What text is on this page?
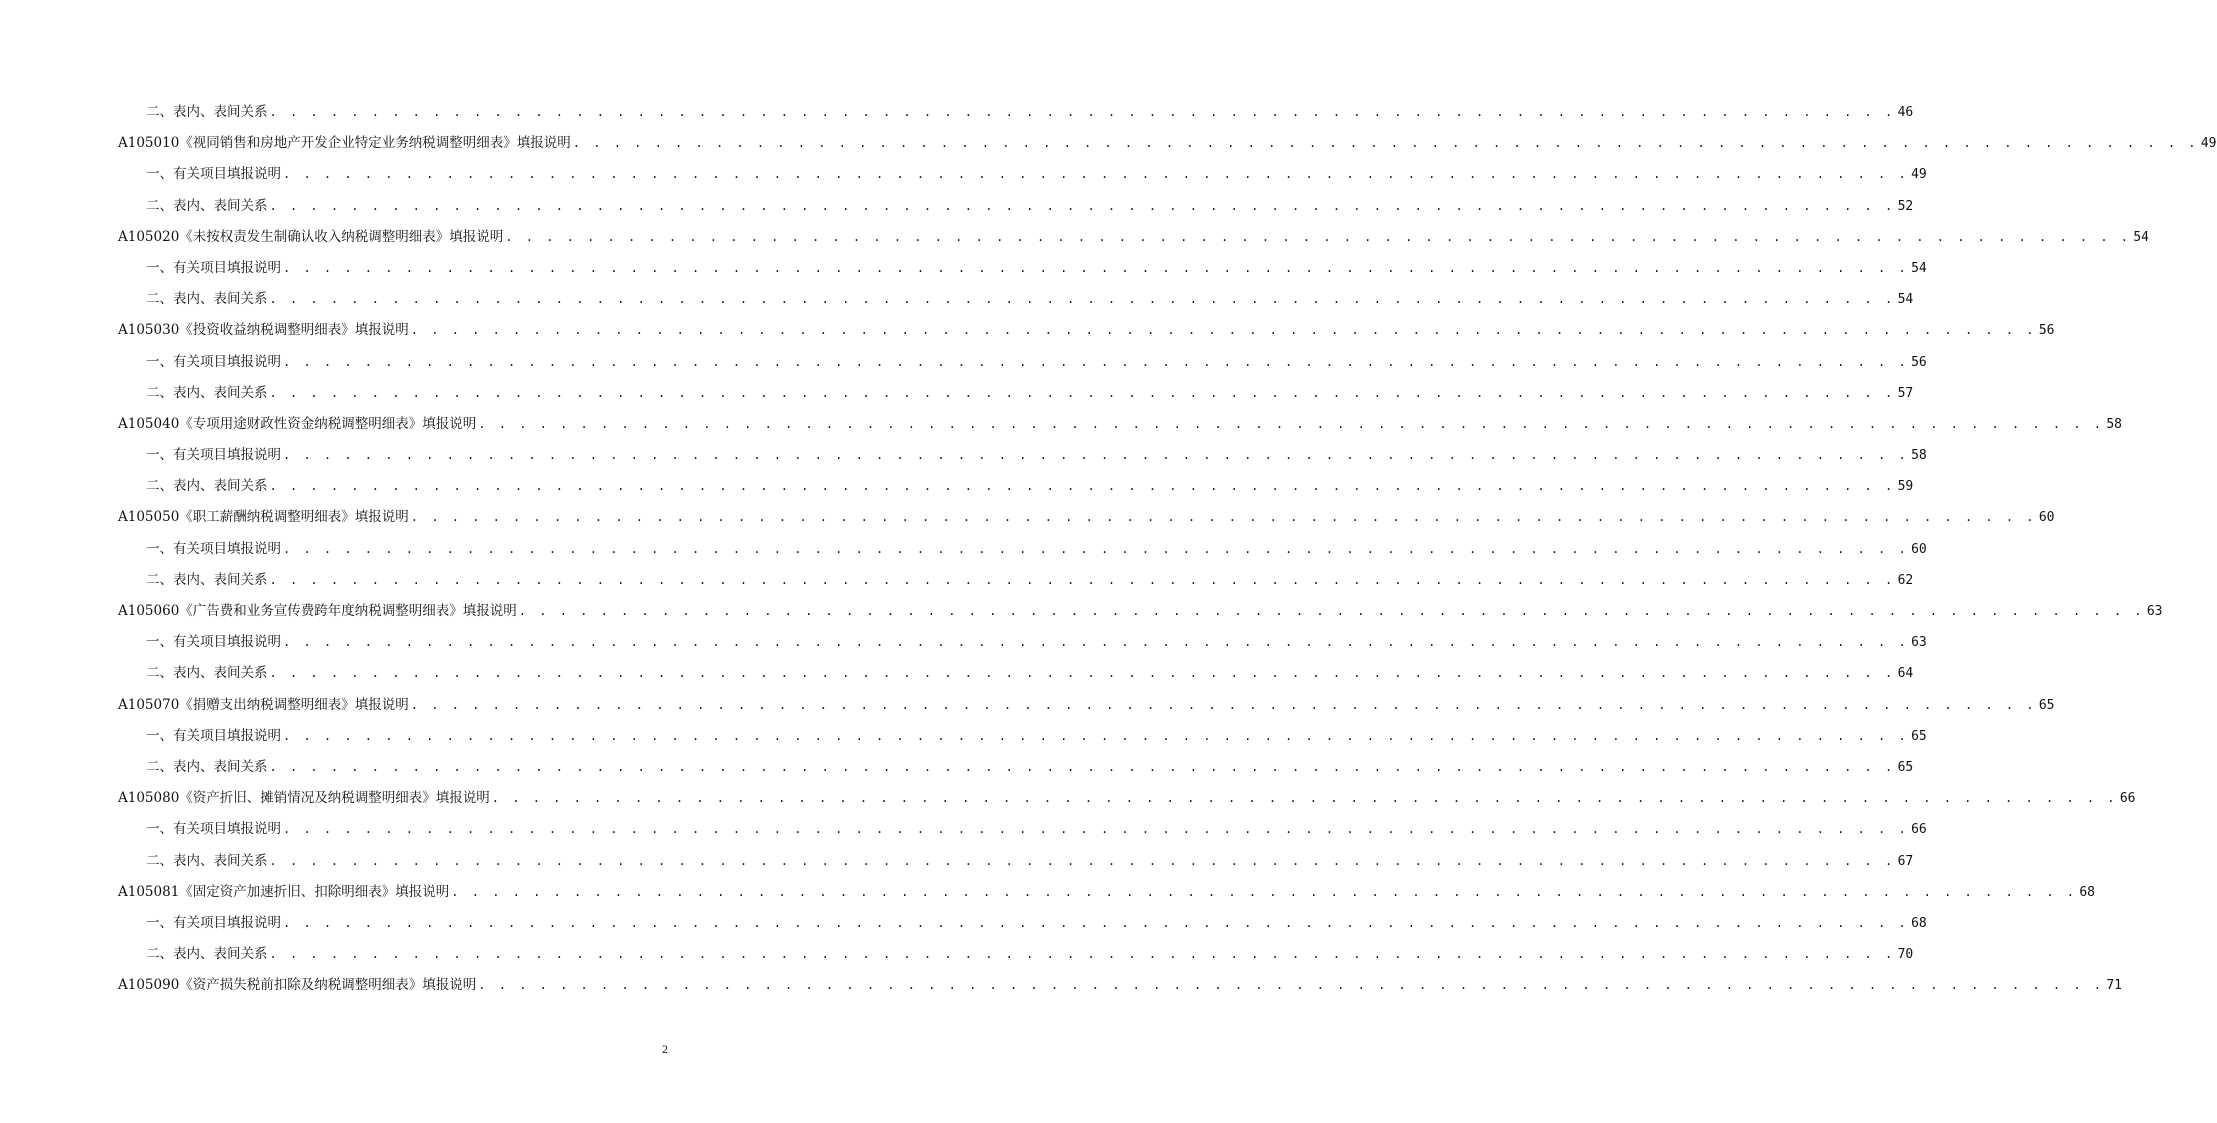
二、表内、表间关系 . . . . . . . . . . . . . . . . . . . . . . . . . . . . . . . . . . . . . . . . . . . . . . . . . . . . . . . . . . . . . . . . . . . . . . . . . . . . . . . . 46
A105010《视同销售和房地产开发企业特定业务纳税调整明细表》填报说明 . . . . . . . . . . . . . . . . . . . . . . . . . . . . . . . . . . . . . . . . . . . . . . . . . . . . . . . . . . . . . . . . . . . . . . . . . . . . . . . . 49
一、有关项目填报说明 . . . . . . . . . . . . . . . . . . . . . . . . . . . . . . . . . . . . . . . . . . . . . . . . . . . . . . . . . . . . . . . . . . . . . . . . . . . . . . . . 49
二、表内、表间关系 . . . . . . . . . . . . . . . . . . . . . . . . . . . . . . . . . . . . . . . . . . . . . . . . . . . . . . . . . . . . . . . . . . . . . . . . . . . . . . . . 52
A105020《未按权责发生制确认收入纳税调整明细表》填报说明 . . . . . . . . . . . . . . . . . . . . . . . . . . . . . . . . . . . . . . . . . . . . . . . . . . . . . . . . . . . . . . . . . . . . . . . . . . . . . . . . 54
一、有关项目填报说明 . . . . . . . . . . . . . . . . . . . . . . . . . . . . . . . . . . . . . . . . . . . . . . . . . . . . . . . . . . . . . . . . . . . . . . . . . . . . . . . . 54
二、表内、表间关系 . . . . . . . . . . . . . . . . . . . . . . . . . . . . . . . . . . . . . . . . . . . . . . . . . . . . . . . . . . . . . . . . . . . . . . . . . . . . . . . . 54
A105030《投资收益纳税调整明细表》填报说明 . . . . . . . . . . . . . . . . . . . . . . . . . . . . . . . . . . . . . . . . . . . . . . . . . . . . . . . . . . . . . . . . . . . . . . . . . . . . . . . . 56
一、有关项目填报说明 . . . . . . . . . . . . . . . . . . . . . . . . . . . . . . . . . . . . . . . . . . . . . . . . . . . . . . . . . . . . . . . . . . . . . . . . . . . . . . . . 56
二、表内、表间关系 . . . . . . . . . . . . . . . . . . . . . . . . . . . . . . . . . . . . . . . . . . . . . . . . . . . . . . . . . . . . . . . . . . . . . . . . . . . . . . . . 57
A105040《专项用途财政性资金纳税调整明细表》填报说明 . . . . . . . . . . . . . . . . . . . . . . . . . . . . . . . . . . . . . . . . . . . . . . . . . . . . . . . . . . . . . . . . . . . . . . . . . . . . . . . . 58
一、有关项目填报说明 . . . . . . . . . . . . . . . . . . . . . . . . . . . . . . . . . . . . . . . . . . . . . . . . . . . . . . . . . . . . . . . . . . . . . . . . . . . . . . . . 58
二、表内、表间关系 . . . . . . . . . . . . . . . . . . . . . . . . . . . . . . . . . . . . . . . . . . . . . . . . . . . . . . . . . . . . . . . . . . . . . . . . . . . . . . . . 59
A105050《职工薪酬纳税调整明细表》填报说明 . . . . . . . . . . . . . . . . . . . . . . . . . . . . . . . . . . . . . . . . . . . . . . . . . . . . . . . . . . . . . . . . . . . . . . . . . . . . . . . . 60
一、有关项目填报说明 . . . . . . . . . . . . . . . . . . . . . . . . . . . . . . . . . . . . . . . . . . . . . . . . . . . . . . . . . . . . . . . . . . . . . . . . . . . . . . . . 60
二、表内、表间关系 . . . . . . . . . . . . . . . . . . . . . . . . . . . . . . . . . . . . . . . . . . . . . . . . . . . . . . . . . . . . . . . . . . . . . . . . . . . . . . . . 62
A105060《广告费和业务宣传费跨年度纳税调整明细表》填报说明 . . . . . . . . . . . . . . . . . . . . . . . . . . . . . . . . . . . . . . . . . . . . . . . . . . . . . . . . . . . . . . . . . . . . . . . . . . . . . . . . 63
一、有关项目填报说明 . . . . . . . . . . . . . . . . . . . . . . . . . . . . . . . . . . . . . . . . . . . . . . . . . . . . . . . . . . . . . . . . . . . . . . . . . . . . . . . . 63
二、表内、表间关系 . . . . . . . . . . . . . . . . . . . . . . . . . . . . . . . . . . . . . . . . . . . . . . . . . . . . . . . . . . . . . . . . . . . . . . . . . . . . . . . . 64
A105070《捐赠支出纳税调整明细表》填报说明 . . . . . . . . . . . . . . . . . . . . . . . . . . . . . . . . . . . . . . . . . . . . . . . . . . . . . . . . . . . . . . . . . . . . . . . . . . . . . . . . 65
一、有关项目填报说明 . . . . . . . . . . . . . . . . . . . . . . . . . . . . . . . . . . . . . . . . . . . . . . . . . . . . . . . . . . . . . . . . . . . . . . . . . . . . . . . . 65
二、表内、表间关系 . . . . . . . . . . . . . . . . . . . . . . . . . . . . . . . . . . . . . . . . . . . . . . . . . . . . . . . . . . . . . . . . . . . . . . . . . . . . . . . . 65
A105080《资产折旧、摊销情况及纳税调整明细表》填报说明 . . . . . . . . . . . . . . . . . . . . . . . . . . . . . . . . . . . . . . . . . . . . . . . . . . . . . . . . . . . . . . . . . . . . . . . . . . . . . . . . 66
一、有关项目填报说明 . . . . . . . . . . . . . . . . . . . . . . . . . . . . . . . . . . . . . . . . . . . . . . . . . . . . . . . . . . . . . . . . . . . . . . . . . . . . . . . . 66
二、表内、表间关系 . . . . . . . . . . . . . . . . . . . . . . . . . . . . . . . . . . . . . . . . . . . . . . . . . . . . . . . . . . . . . . . . . . . . . . . . . . . . . . . . 67
A105081《固定资产加速折旧、扣除明细表》填报说明 . . . . . . . . . . . . . . . . . . . . . . . . . . . . . . . . . . . . . . . . . . . . . . . . . . . . . . . . . . . . . . . . . . . . . . . . . . . . . . . . 68
一、有关项目填报说明 . . . . . . . . . . . . . . . . . . . . . . . . . . . . . . . . . . . . . . . . . . . . . . . . . . . . . . . . . . . . . . . . . . . . . . . . . . . . . . . . 68
二、表内、表间关系 . . . . . . . . . . . . . . . . . . . . . . . . . . . . . . . . . . . . . . . . . . . . . . . . . . . . . . . . . . . . . . . . . . . . . . . . . . . . . . . . 70
A105090《资产损失税前扣除及纳税调整明细表》填报说明 . . . . . . . . . . . . . . . . . . . . . . . . . . . . . . . . . . . . . . . . . . . . . . . . . . . . . . . . . . . . . . . . . . . . . . . . . . . . . . . . 71
2
